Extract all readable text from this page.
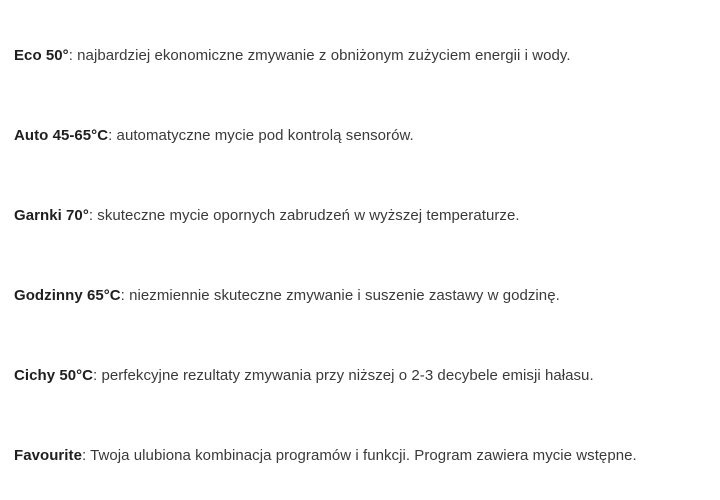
Eco 50°: najbardziej ekonomiczne zmywanie z obniżonym zużyciem energii i wody.
Auto 45-65°C: automatyczne mycie pod kontrolą sensorów.
Garnki 70°: skuteczne mycie opornych zabrudzeń w wyższej temperaturze.
Godzinny 65°C: niezmiennie skuteczne zmywanie i suszenie zastawy w godzinę.
Cichy 50°C: perfekcyjne rezultaty zmywania przy niższej o 2-3 decybele emisji hałasu.
Favourite: Twoja ulubiona kombinacja programów i funkcji. Program zawiera mycie wstępne.
